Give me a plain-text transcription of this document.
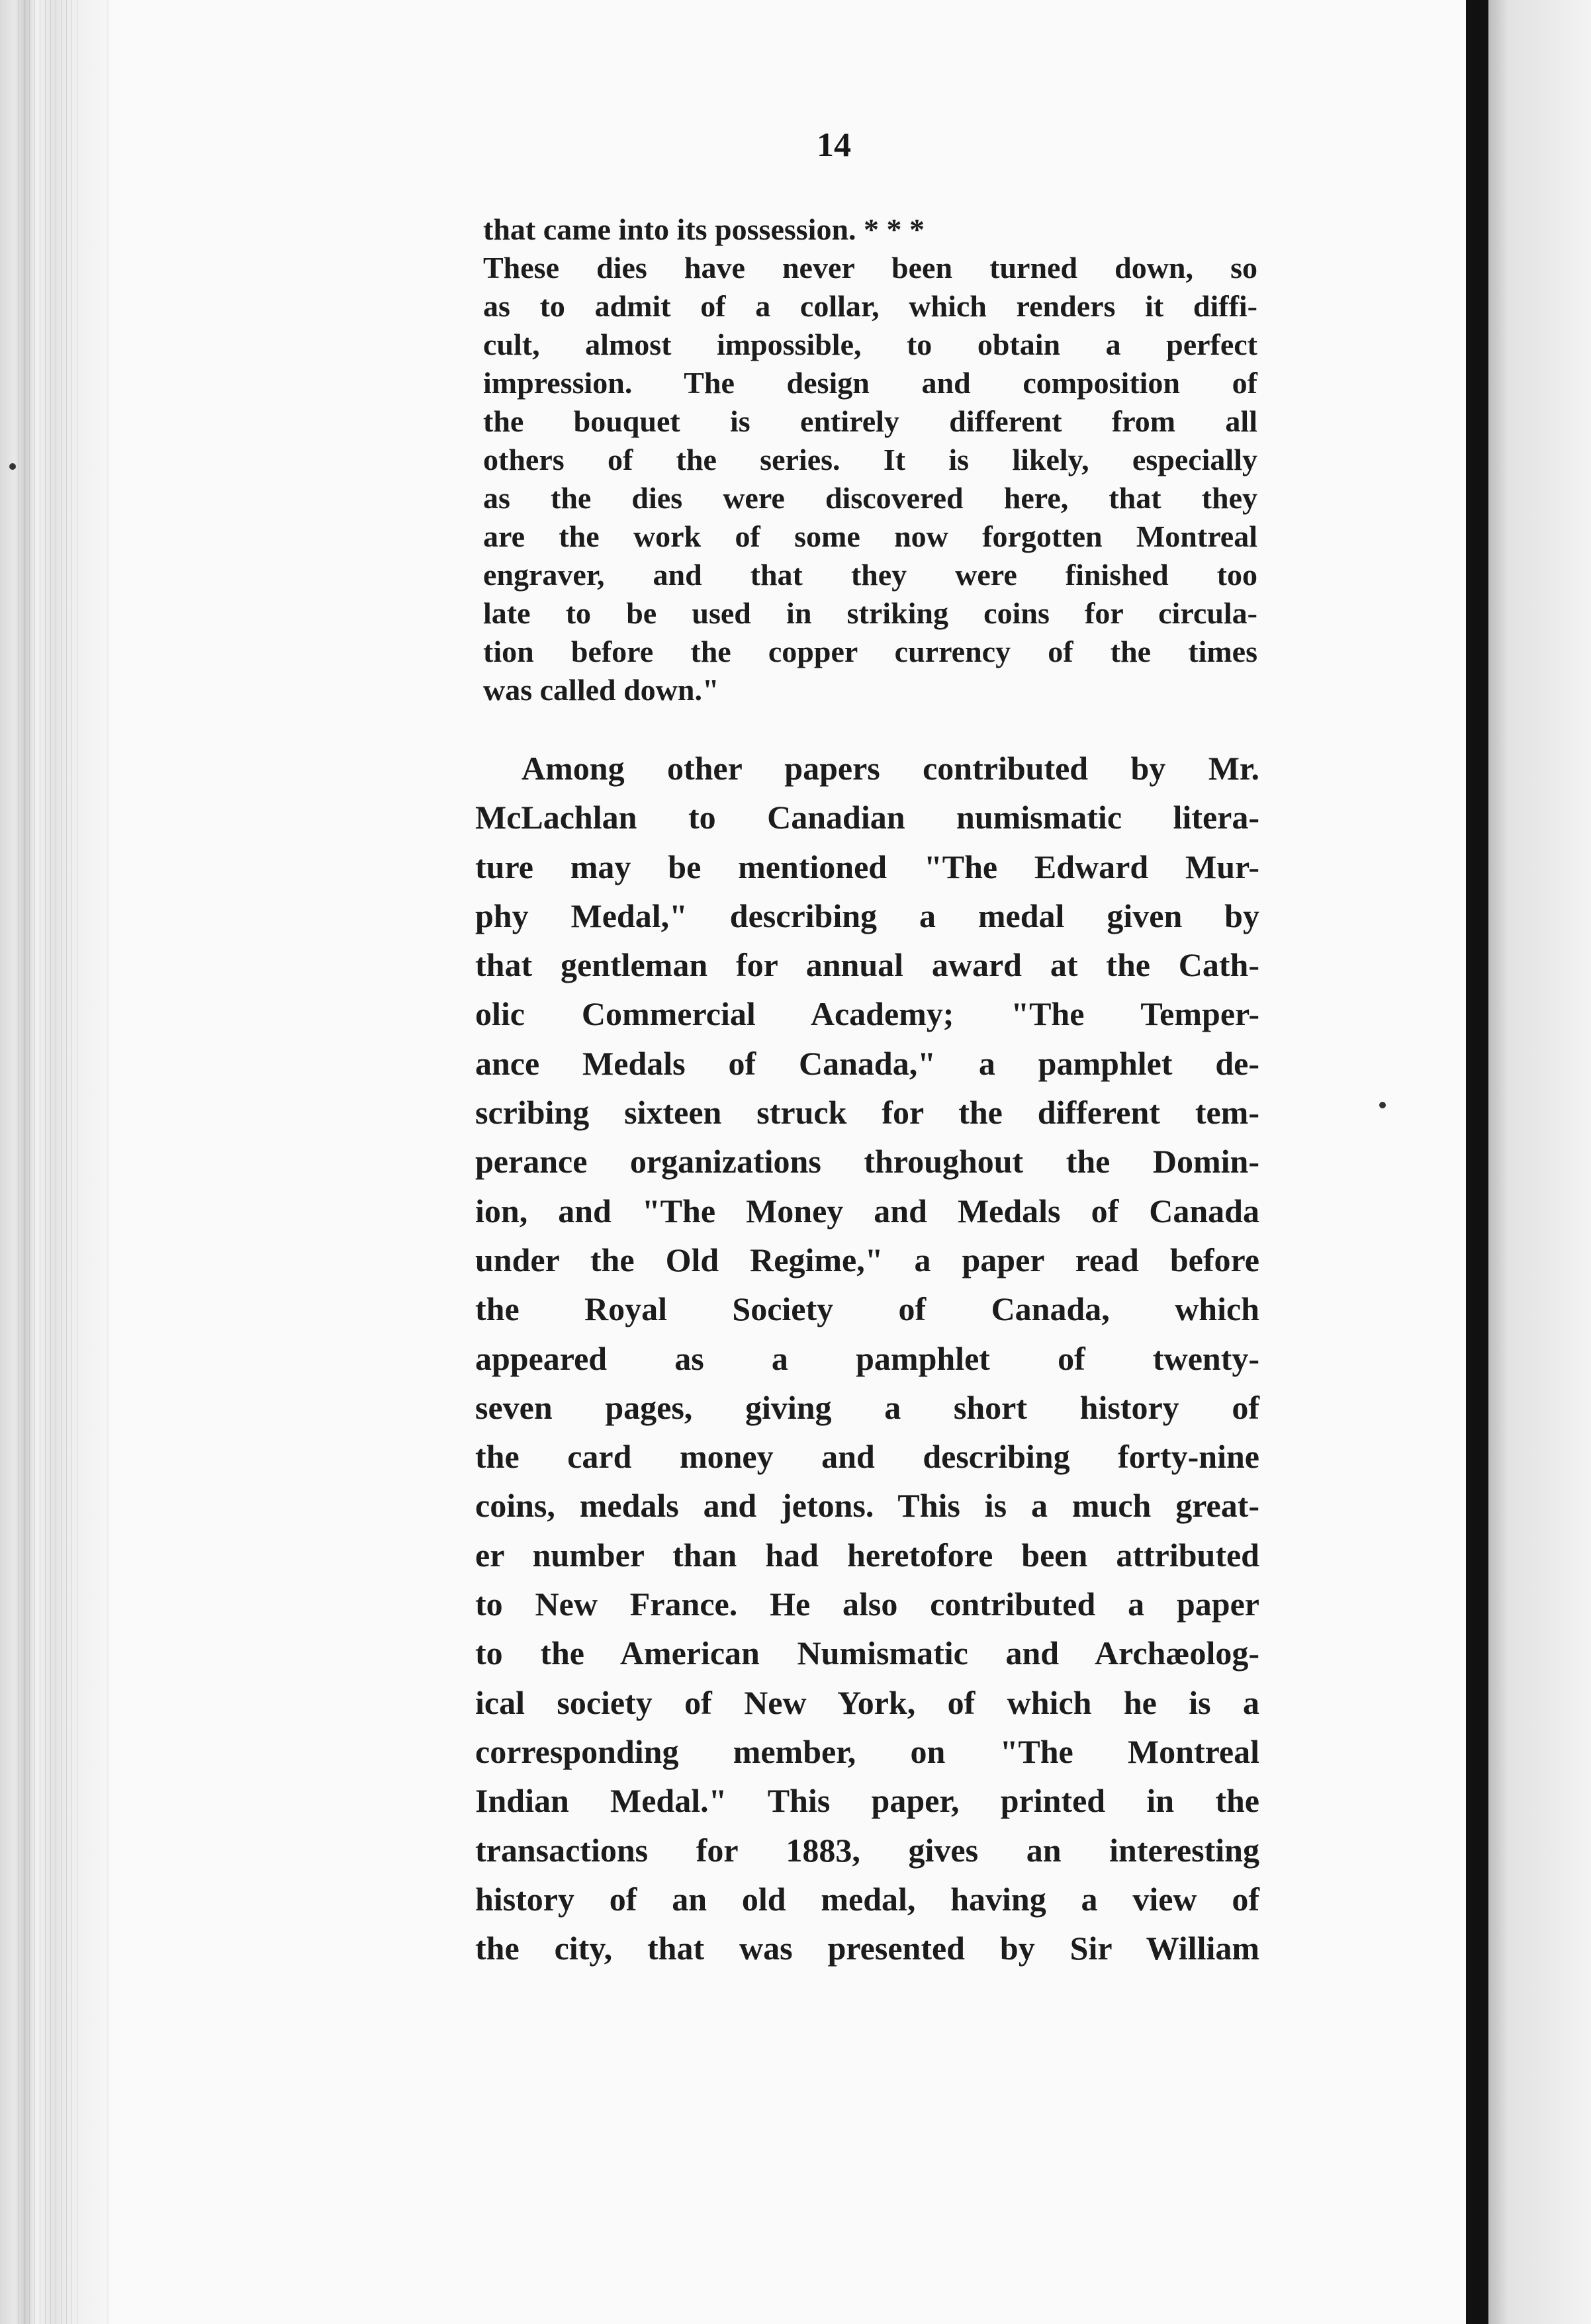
14
that came into its possession. * * *
These dies have never been turned down, so
as to admit of a collar, which renders it diffi-
cult, almost impossible, to obtain a perfect
impression. The design and composition of
the bouquet is entirely different from all
others of the series. It is likely, especially
as the dies were discovered here, that they
are the work of some now forgotten Montreal
engraver, and that they were finished too
late to be used in striking coins for circula-
tion before the copper currency of the times
was called down."
Among other papers contributed by Mr.
McLachlan to Canadian numismatic litera-
ture may be mentioned "The Edward Mur-
phy Medal," describing a medal given by
that gentleman for annual award at the Cath-
olic Commercial Academy; "The Temper-
ance Medals of Canada," a pamphlet de-
scribing sixteen struck for the different tem-
perance organizations throughout the Domin-
ion, and "The Money and Medals of Canada
under the Old Regime," a paper read before
the Royal Society of Canada, which
appeared as a pamphlet of twenty-
seven pages, giving a short history of
the card money and describing forty-nine
coins, medals and jetons. This is a much great-
er number than had heretofore been attributed
to New France. He also contributed a paper
to the American Numismatic and Archæolog-
ical society of New York, of which he is a
corresponding member, on "The Montreal
Indian Medal." This paper, printed in the
transactions for 1883, gives an interesting
history of an old medal, having a view of
the city, that was presented by Sir William
